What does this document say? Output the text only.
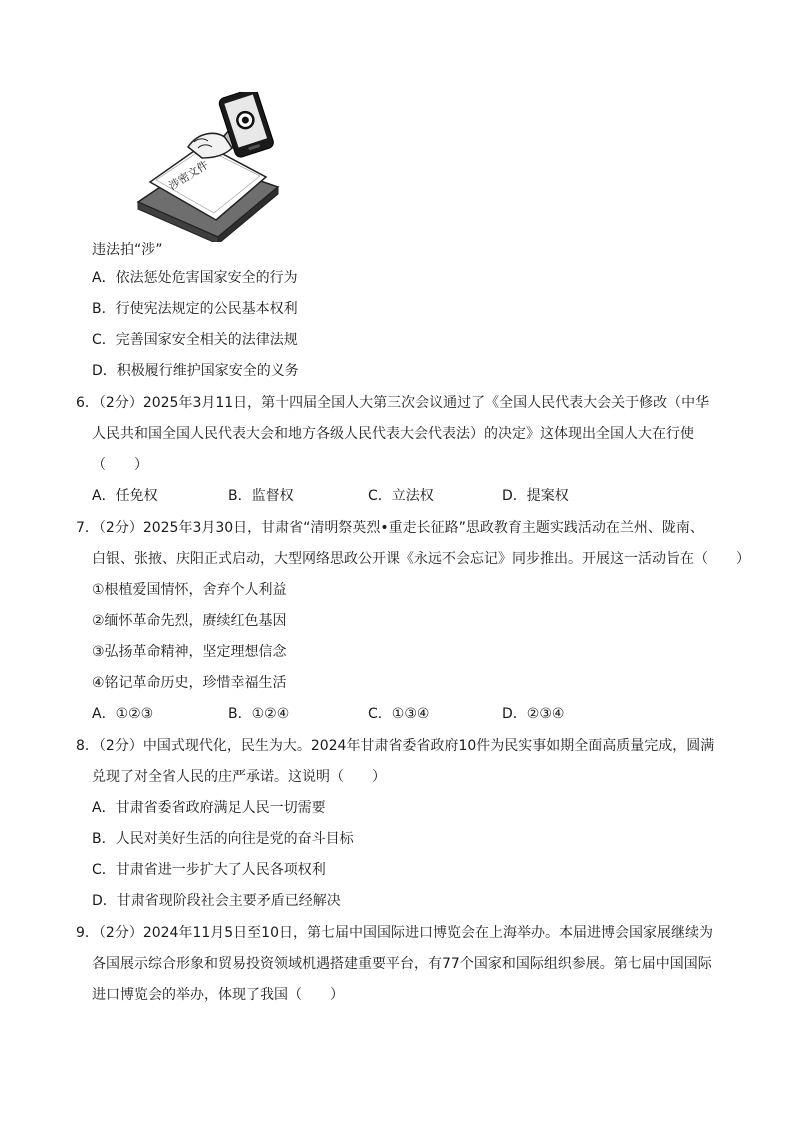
涉密文件
违法拍“涉”
A．依法惩处危害国家安全的行为
B．行使宪法规定的公民基本权利
C．完善国家安全相关的法律法规
D．积极履行维护国家安全的义务
6．（2分）2025年3月11日，第十四届全国人大第三次会议通过了《全国人民代表大会关于修改（中华
人民共和国全国人民代表大会和地方各级人民代表大会代表法）的决定》这体现出全国人大在行使
（　　）
A．任免权	B．监督权	C．立法权	D．提案权
7．（2分）2025年3月30日，甘肃省“清明祭英烈•重走长征路”思政教育主题实践活动在兰州、陇南、
白银、张掖、庆阳正式启动，大型网络思政公开课《永远不会忘记》同步推出。开展这一活动旨在（　　）
①根植爱国情怀，舍弃个人利益
②缅怀革命先烈，赓续红色基因
③弘扬革命精神，坚定理想信念
④铭记革命历史，珍惜幸福生活
A．①②③	B．①②④	C．①③④	D．②③④
8．（2分）中国式现代化，民生为大。2024年甘肃省委省政府10件为民实事如期全面高质量完成，圆满
兑现了对全省人民的庄严承诺。这说明（　　）
A．甘肃省委省政府满足人民一切需要
B．人民对美好生活的向往是党的奋斗目标
C．甘肃省进一步扩大了人民各项权利
D．甘肃省现阶段社会主要矛盾已经解决
9．（2分）2024年11月5日至10日，第七届中国国际进口博览会在上海举办。本届进博会国家展继续为
各国展示综合形象和贸易投资领域机遇搭建重要平台，有77个国家和国际组织参展。第七届中国国际
进口博览会的举办，体现了我国（　　）
